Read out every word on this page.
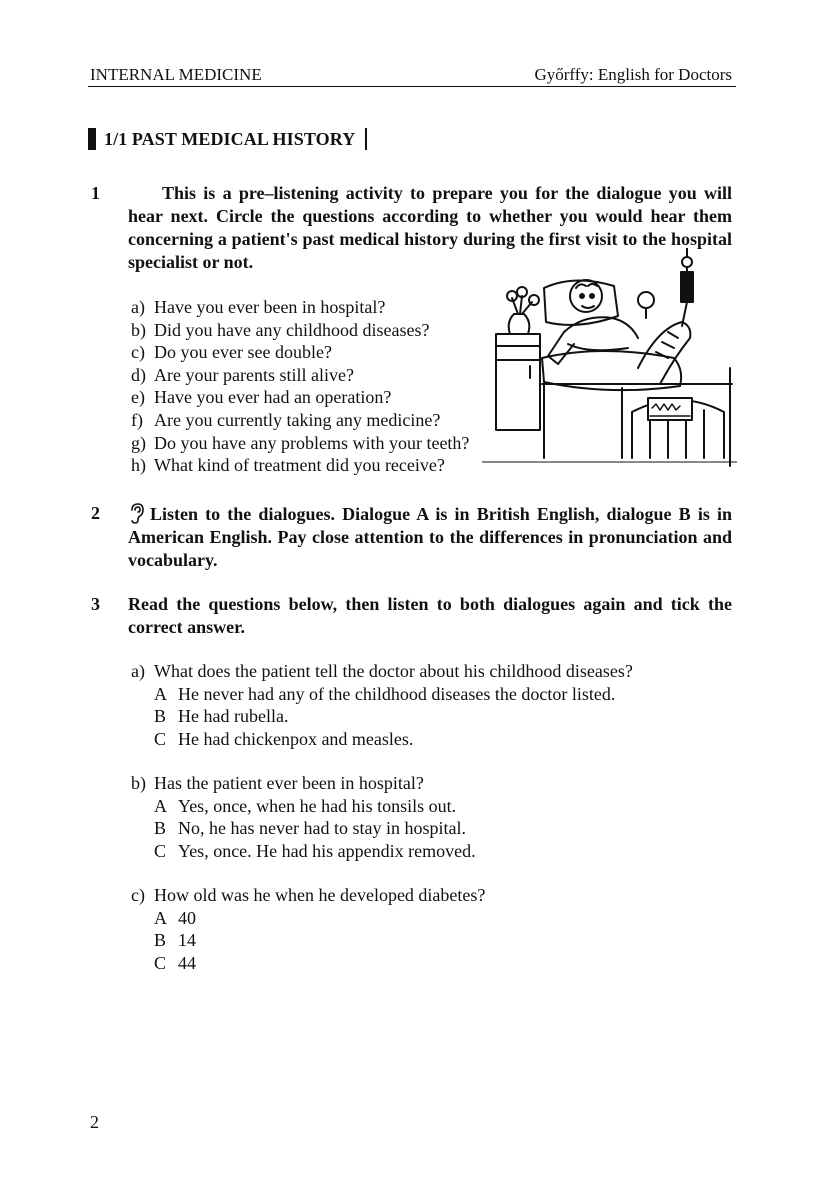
INTERNAL MEDICINE	Győrffy: English for Doctors
1/1 PAST MEDICAL HISTORY
1	This is a pre–listening activity to prepare you for the dialogue you will hear next. Circle the questions according to whether you would hear them concerning a patient's past medical history during the first visit to the hospital specialist or not.
a) Have you ever been in hospital?
b) Did you have any childhood diseases?
c) Do you ever see double?
d) Are your parents still alive?
e) Have you ever had an operation?
f) Are you currently taking any medicine?
g) Do you have any problems with your teeth?
h) What kind of treatment did you receive?
2	Listen to the dialogues. Dialogue A is in British English, dialogue B is in American English. Pay close attention to the differences in pronunciation and vocabulary.
3 Read the questions below, then listen to both dialogues again and tick the correct answer.
a) What does the patient tell the doctor about his childhood diseases?
A He never had any of the childhood diseases the doctor listed.
B He had rubella.
C He had chickenpox and measles.
b) Has the patient ever been in hospital?
A Yes, once, when he had his tonsils out.
B No, he has never had to stay in hospital.
C Yes, once. He had his appendix removed.
c) How old was he when he developed diabetes?
A 40
B 14
C 44
2
